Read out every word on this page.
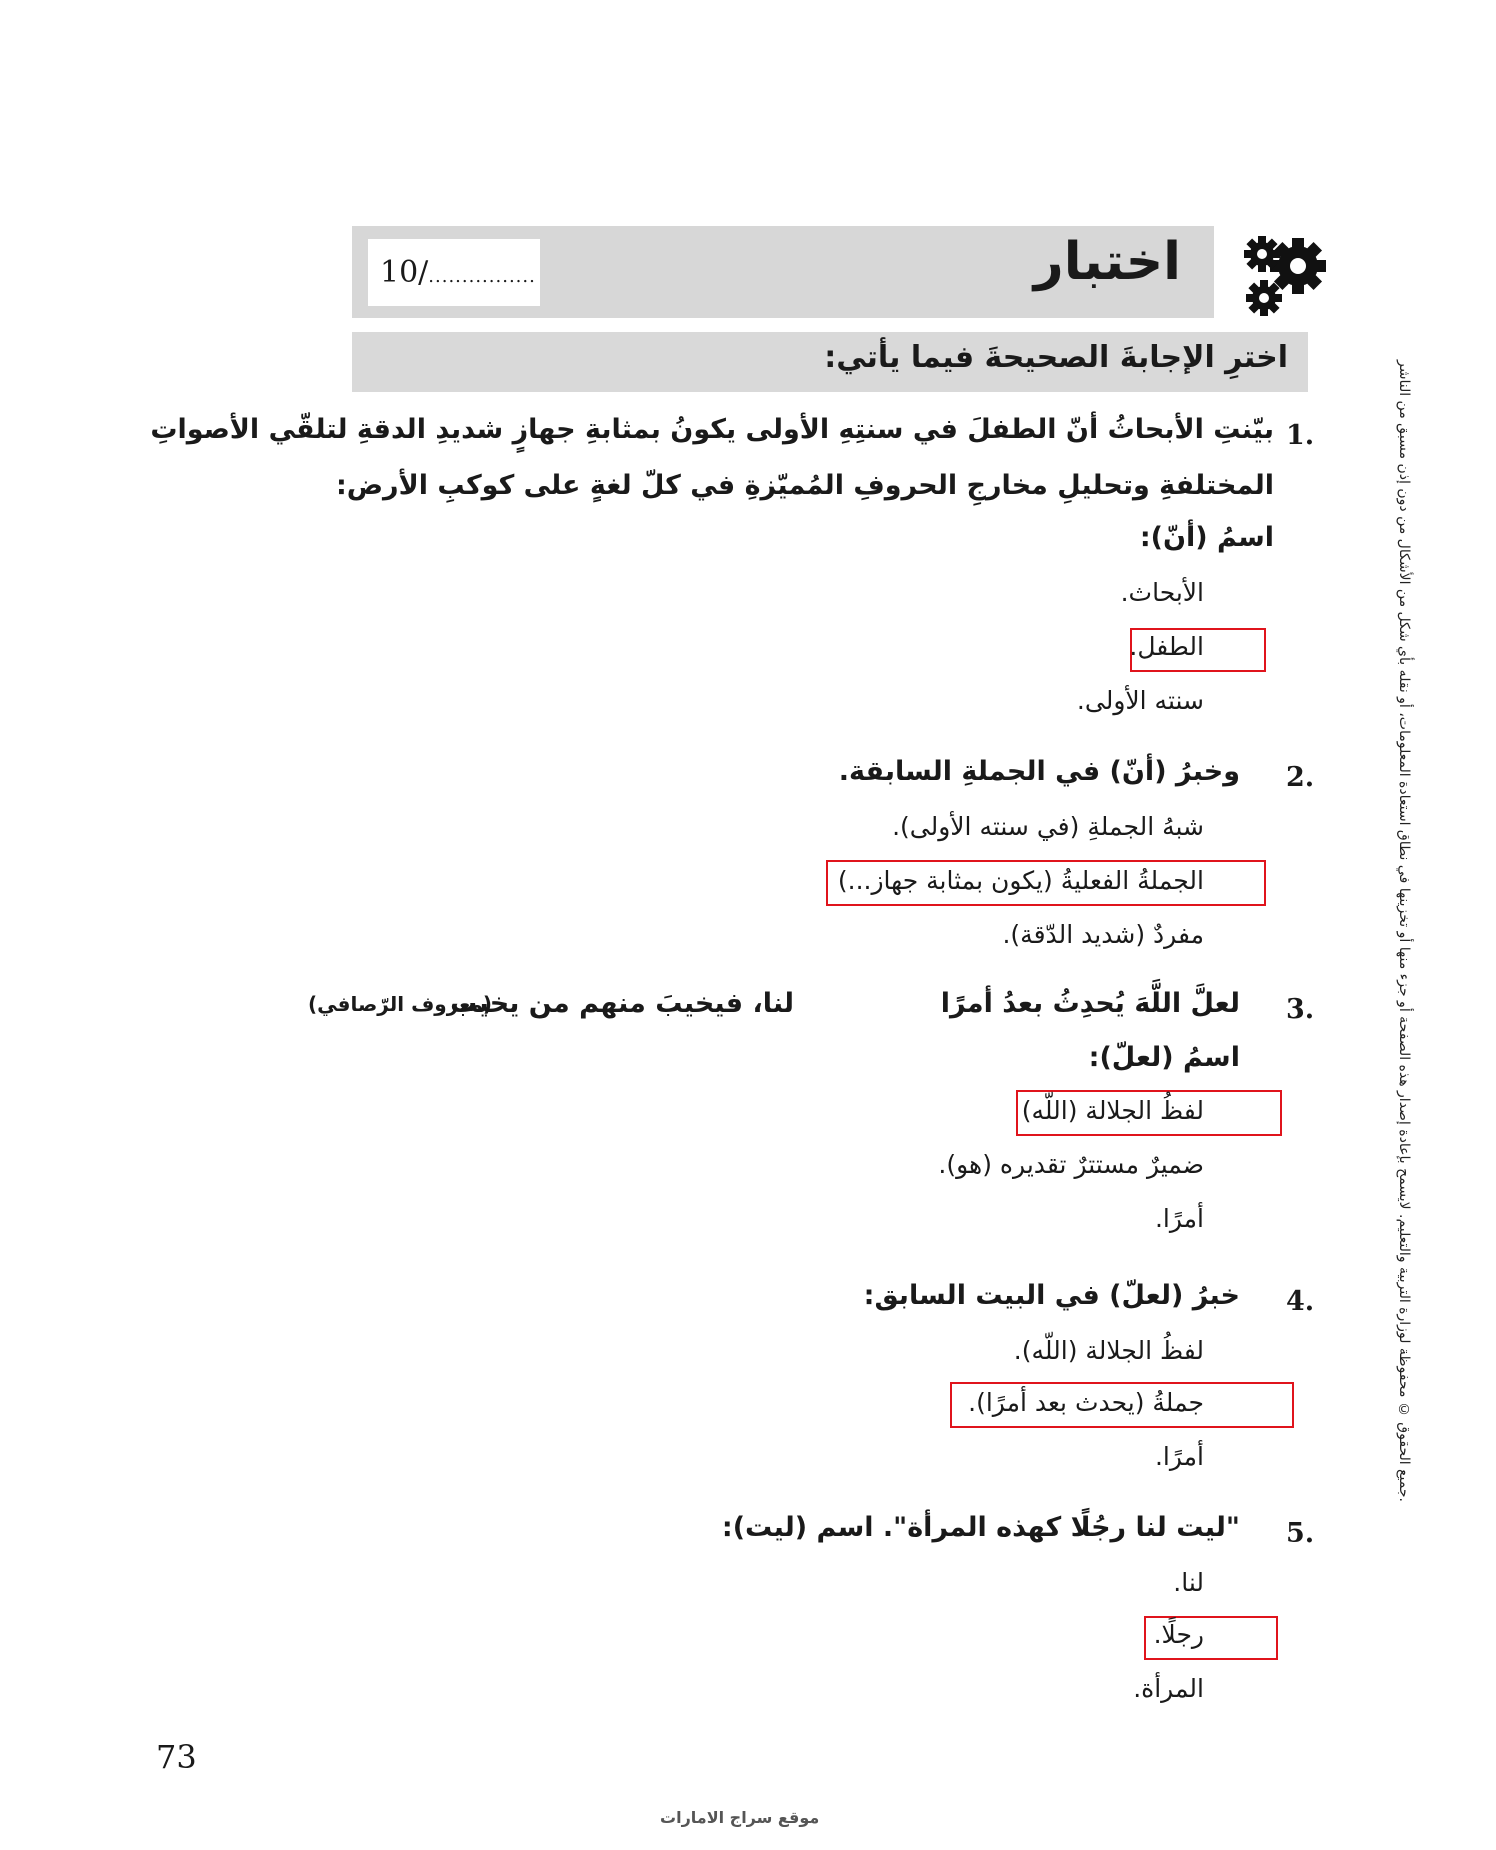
10/................	اختبار
اخترِ الإجابةَ الصحيحةَ فيما يأتي:
1.
بيّنتِ الأبحاثُ أنّ الطفلَ في سنتِهِ الأولى يكونُ بمثابةِ جهازٍ شديدِ الدقةِ لتلقّي الأصواتِ
المختلفةِ وتحليلِ مخارجِ الحروفِ المُميّزةِ في كلّ لغةٍ على كوكبِ الأرض:
اسمُ (أنّ):
الأبحاث.
الطفل.
سنته الأولى.
2.
وخبرُ (أنّ) في الجملةِ السابقة.
شبهُ الجملةِ (في سنته الأولى).
الجملةُ الفعليةُ (يكون بمثابة جهاز...)
مفردٌ (شديد الدّقة).
3.
لعلَّ اللَّهَ يُحدِثُ بعدُ أمرًا
لنا، فيخيبَ منهم من يخيب
(معروف الرّصافي)
اسمُ (لعلّ):
لفظُ الجلالة (اللّه)
ضميرٌ مستترٌ تقديره (هو).
أمرًا.
4.
خبرُ (لعلّ) في البيت السابق:
لفظُ الجلالة (اللّه).
جملةُ (يحدث بعد أمرًا).
أمرًا.
5.
"ليت لنا رجُلًا كهذه المرأة". اسم (ليت):
لنا.
رجلًا.
المرأة.
جميع الحقوق © محفوظة لوزارة التربية والتعليم. لايسمح بإعادة إصدار هذه الصفحة أو جزء منها أو تخزينها في نطاق استعادة المعلومات، أو نقله بأي شكل من الأشكال من دون إذن مسبق من الناشر.
73
موقع سراج الامارات
